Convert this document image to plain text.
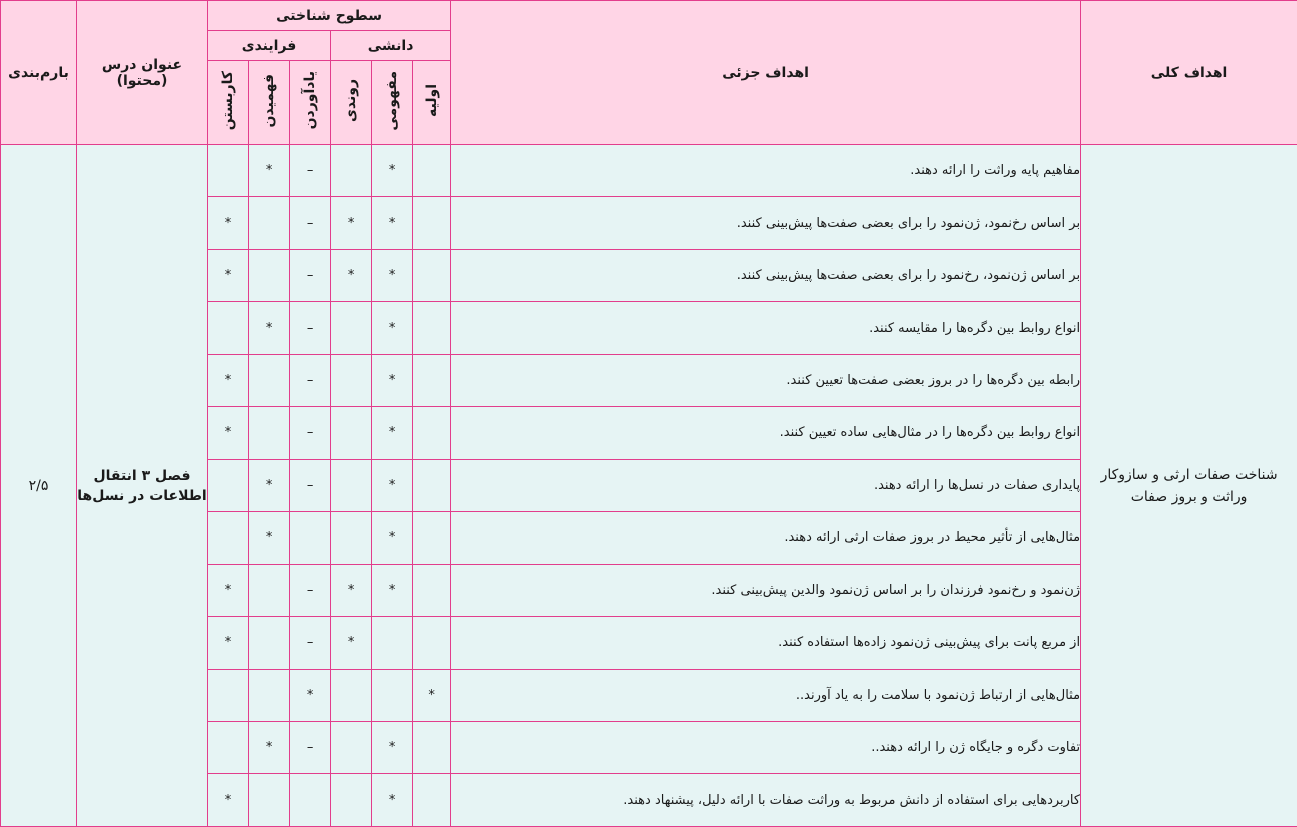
اهداف کلی	اهداف جزئی	سطوح شناختی						عنوان درس (محتوا)	بارم‌بندی
		دانشی			فرایندی				
		اولیه	مفهومی	روندی	یادآوردن	فهمیدن	کاربستن		
شناخت صفات ارثی و سازوکار وراثت و بروز صفات	مفاهیم پایه وراثت را ارائه دهند.		*		–	*		فصل ۳ انتقال اطلاعات در نسل‌ها	۲/۵
	بر اساس رخ‌نمود، ژن‌نمود را برای بعضی صفت‌ها پیش‌بینی کنند.		*	*	–		*		
	بر اساس ژن‌نمود، رخ‌نمود را برای بعضی صفت‌ها پیش‌بینی کنند.		*	*	–		*		
	انواع روابط بین دگره‌ها را مقایسه کنند.		*		–	*			
	رابطه بین دگره‌ها را در بروز بعضی صفت‌ها تعیین کنند.		*		–		*		
	انواع روابط بین دگره‌ها را در مثال‌هایی ساده تعیین کنند.		*		–		*		
	پایداری صفات در نسل‌ها را ارائه دهند.		*		–	*			
	مثال‌هایی از تأثیر محیط در بروز صفات ارثی ارائه دهند.		*			*			
	ژن‌نمود و رخ‌نمود فرزندان را بر اساس ژن‌نمود والدین پیش‌بینی کنند.		*	*	–		*		
	از مربع پانت برای پیش‌بینی ژن‌نمود زاده‌ها استفاده کنند.			*	–		*		
	مثال‌هایی از ارتباط ژن‌نمود با سلامت را به یاد آورند..	*			*				
	تفاوت دگره و جایگاه ژن را ارائه دهند..		*		–	*			
	کاربردهایی برای استفاده از دانش مربوط به وراثت صفات با ارائه دلیل، پیشنهاد دهند.		*				*		
